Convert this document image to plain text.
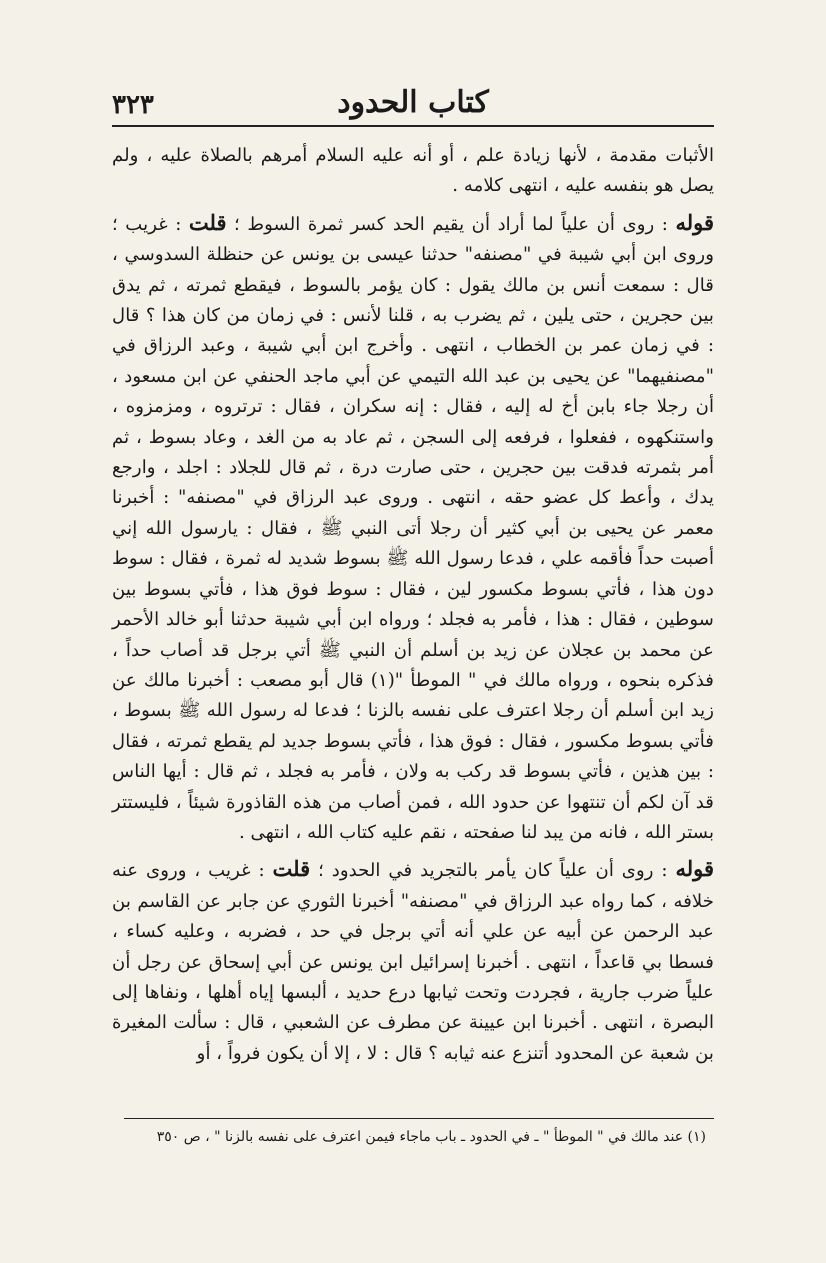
كتاب الحدود
٣٢٣

الأثبات مقدمة ، لأنها زيادة علم ، أو أنه عليه السلام أمرهم بالصلاة عليه ، ولم يصل هو بنفسه عليه ، انتهى كلامه .

قوله : روى أن علياً لما أراد أن يقيم الحد كسر ثمرة السوط ؛ قلت : غريب ؛ وروى ابن أبي شيبة في "مصنفه" حدثنا عيسى بن يونس عن حنظلة السدوسي ، قال : سمعت أنس بن مالك يقول : كان يؤمر بالسوط ، فيقطع ثمرته ، ثم يدق بين حجرين ، حتى يلين ، ثم يضرب به ، قلنا لأنس : في زمان من كان هذا ؟ قال : في زمان عمر بن الخطاب ، انتهى . وأخرج ابن أبي شيبة ، وعبد الرزاق في "مصنفيهما" عن يحيى بن عبد الله التيمي عن أبي ماجد الحنفي عن ابن مسعود ، أن رجلا جاء بابن أخ له إليه ، فقال : إنه سكران ، فقال : ترتروه ، ومزمزوه ، واستنكهوه ، ففعلوا ، فرفعه إلى السجن ، ثم عاد به من الغد ، وعاد بسوط ، ثم أمر بثمرته فدقت بين حجرين ، حتى صارت درة ، ثم قال للجلاد : اجلد ، وارجع يدك ، وأعط كل عضو حقه ، انتهى . وروى عبد الرزاق في "مصنفه" : أخبرنا معمر عن يحيى بن أبي كثير أن رجلا أتى النبي ﷺ ، فقال : يارسول الله إني أصبت حداً فأقمه علي ، فدعا رسول الله ﷺ بسوط شديد له ثمرة ، فقال : سوط دون هذا ، فأتي بسوط مكسور لين ، فقال : سوط فوق هذا ، فأتي بسوط بين سوطين ، فقال : هذا ، فأمر به فجلد ؛ ورواه ابن أبي شيبة حدثنا أبو خالد الأحمر عن محمد بن عجلان عن زيد بن أسلم أن النبي ﷺ أتي برجل قد أصاب حداً ، فذكره بنحوه ، ورواه مالك في " الموطأ "(١) قال أبو مصعب : أخبرنا مالك عن زيد ابن أسلم أن رجلا اعترف على نفسه بالزنا ؛ فدعا له رسول الله ﷺ بسوط ، فأتي بسوط مكسور ، فقال : فوق هذا ، فأتي بسوط جديد لم يقطع ثمرته ، فقال : بين هذين ، فأتي بسوط قد ركب به ولان ، فأمر به فجلد ، ثم قال : أيها الناس قد آن لكم أن تنتهوا عن حدود الله ، فمن أصاب من هذه القاذورة شيئاً ، فليستتر بستر الله ، فانه من يبد لنا صفحته ، نقم عليه كتاب الله ، انتهى .

قوله : روى أن علياً كان يأمر بالتجريد في الحدود ؛ قلت : غريب ، وروى عنه خلافه ، كما رواه عبد الرزاق في "مصنفه" أخبرنا الثوري عن جابر عن القاسم بن عبد الرحمن عن أبيه عن علي أنه أتي برجل في حد ، فضربه ، وعليه كساء ، فسطا بي قاعداً ، انتهى . أخبرنا إسرائيل ابن يونس عن أبي إسحاق عن رجل أن علياً ضرب جارية ، فجردت وتحت ثيابها درع حديد ، ألبسها إياه أهلها ، ونفاها إلى البصرة ، انتهى . أخبرنا ابن عيينة عن مطرف عن الشعبي ، قال : سألت المغيرة بن شعبة عن المحدود أتنزع عنه ثيابه ؟ قال : لا ، إلا أن يكون فرواً ، أو

(١) عند مالك في " الموطأ " ـ في الحدود ـ باب ماجاء فيمن اعترف على نفسه بالزنا " ، ص ٣٥٠
